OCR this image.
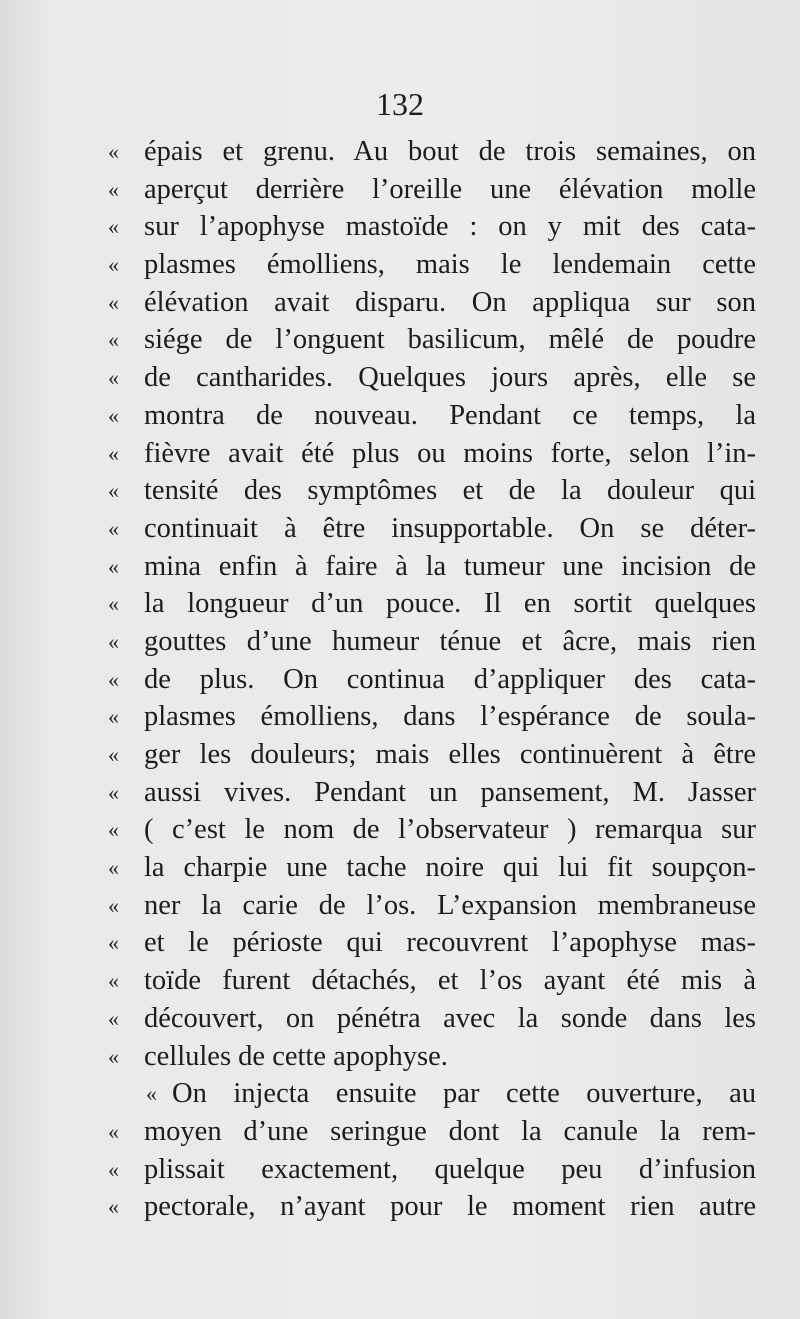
132
« épais et grenu. Au bout de trois semaines, on
« aperçut derrière l’oreille une élévation molle
« sur l’apophyse mastoïde : on y mit des cata-
« plasmes émolliens, mais le lendemain cette
« élévation avait disparu. On appliqua sur son
« siége de l’onguent basilicum, mêlé de poudre
« de cantharides. Quelques jours après, elle se
« montra de nouveau. Pendant ce temps, la
« fièvre avait été plus ou moins forte, selon l’in-
« tensité des symptômes et de la douleur qui
« continuait à être insupportable. On se déter-
« mina enfin à faire à la tumeur une incision de
« la longueur d’un pouce. Il en sortit quelques
« gouttes d’une humeur ténue et âcre, mais rien
« de plus. On continua d’appliquer des cata-
« plasmes émolliens, dans l’espérance de soula-
« ger les douleurs; mais elles continuèrent à être
« aussi vives. Pendant un pansement, M. Jasser
« ( c’est le nom de l’observateur ) remarqua sur
« la charpie une tache noire qui lui fit soupçon-
« ner la carie de l’os. L’expansion membraneuse
« et le périoste qui recouvrent l’apophyse mas-
« toïde furent détachés, et l’os ayant été mis à
« découvert, on pénétra avec la sonde dans les
« cellules de cette apophyse.
« On injecta ensuite par cette ouverture, au
« moyen d’une seringue dont la canule la rem-
« plissait exactement, quelque peu d’infusion
« pectorale, n’ayant pour le moment rien autre
